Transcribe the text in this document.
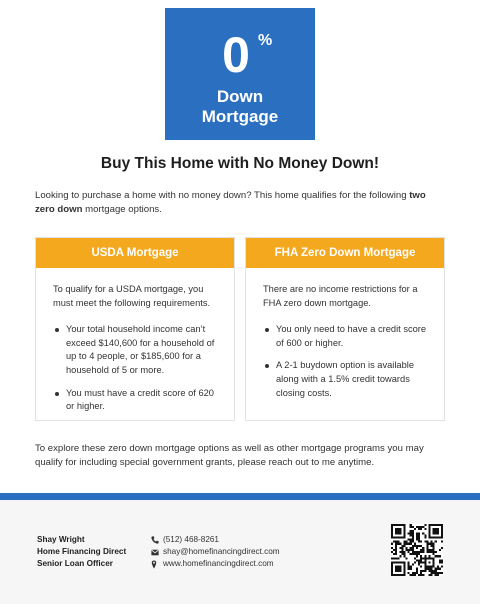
0 %
Down
Mortgage
Buy This Home with No Money Down!
Looking to purchase a home with no money down? This home qualifies for the following two zero down mortgage options.
USDA Mortgage

To qualify for a USDA mortgage, you must meet the following requirements.

Your total household income can’t exceed $140,600 for a household of up to 4 people, or $185,600 for a household of 5 or more.
You must have a credit score of 620 or higher.
FHA Zero Down Mortgage

There are no income restrictions for a FHA zero down mortgage.

You only need to have a credit score of 600 or higher.
A 2-1 buydown option is available along with a 1.5% credit towards closing costs.
To explore these zero down mortgage options as well as other mortgage programs you may qualify for including special government grants, please reach out to me anytime.
Shay Wright
Home Financing Direct
Senior Loan Officer
(512) 468-8261
shay@homefinancingdirect.com
www.homefinancingdirect.com
